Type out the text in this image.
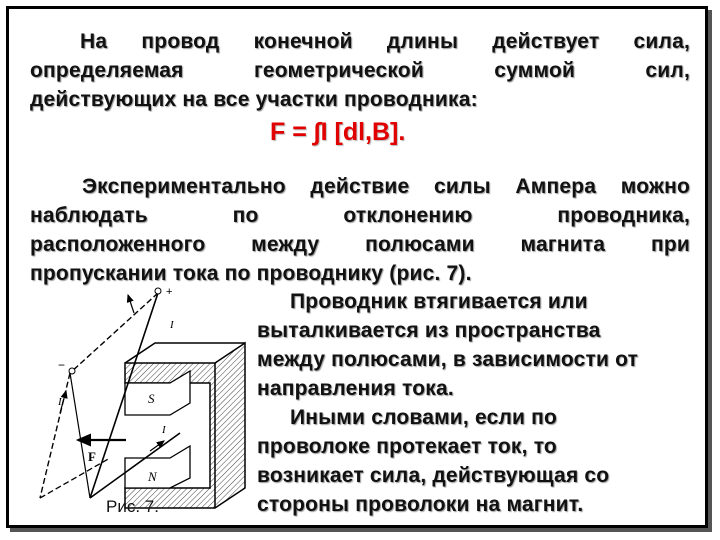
На провод конечной длины действует сила,
определяемая геометрической суммой сил,
действующих на все участки проводника:
F = ∫I [dl,B].
Экспериментально действие силы Ампера можно
наблюдать по отклонению проводника,
расположенного между полюсами магнита при
пропускании тока по проводнику (рис. 7).
Проводник втягивается или
выталкивается из пространства
между полюсами, в зависимости от
направления тока.
Иными словами, если по
проволоке протекает ток, то
возникает сила, действующая со
стороны проволоки на магнит.
S
N
+
−
I
I
I
F
Рис. 7.
